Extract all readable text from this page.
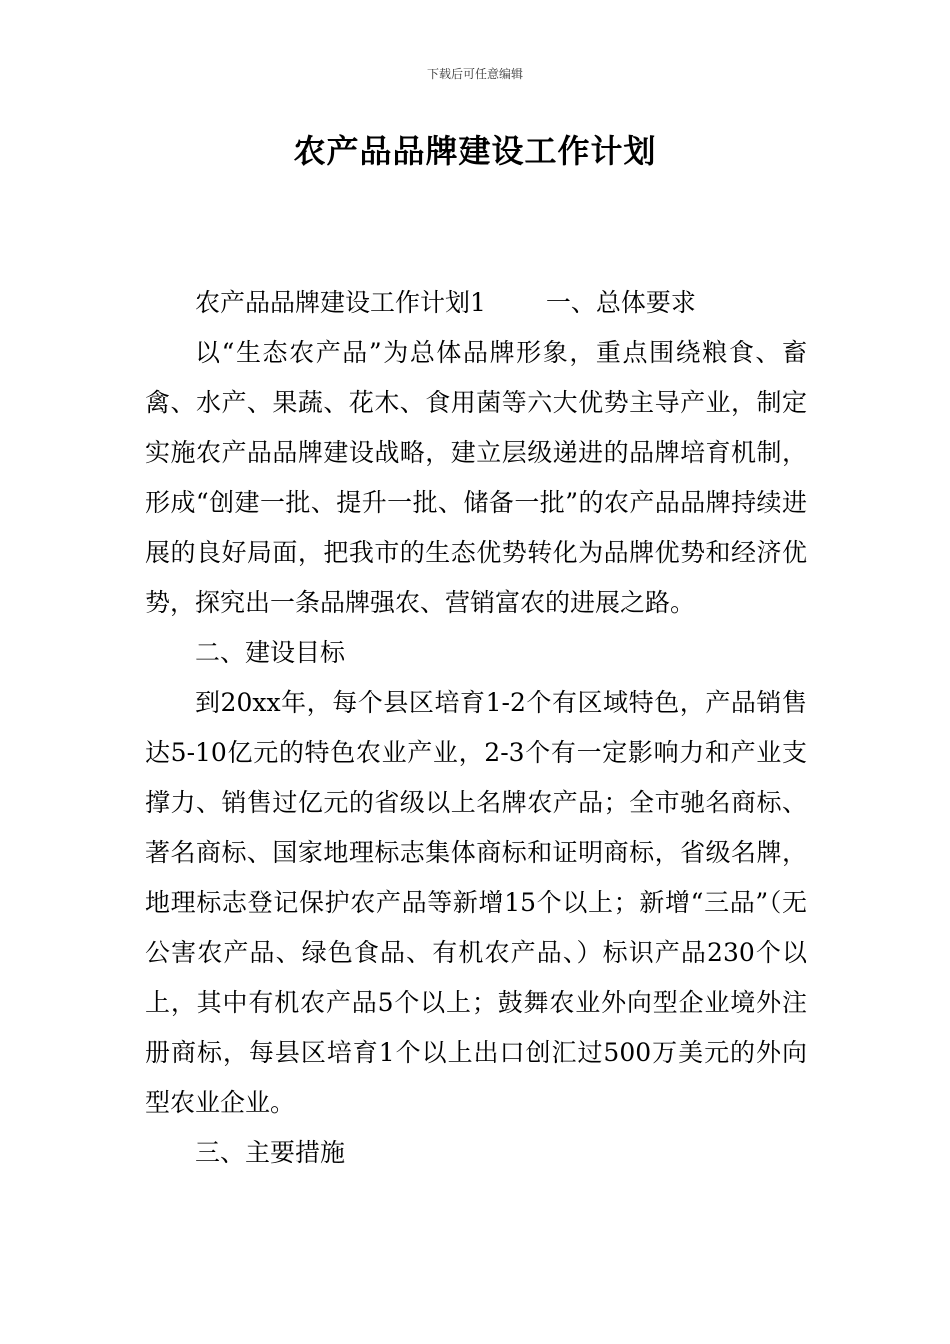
下载后可任意编辑
农产品品牌建设工作计划

农产品品牌建设工作计划1 一、总体要求

以“生态农产品”为总体品牌形象，重点围绕粮食、畜禽、水产、果蔬、花木、食用菌等六大优势主导产业，制定实施农产品品牌建设战略，建立层级递进的品牌培育机制，形成“创建一批、提升一批、储备一批”的农产品品牌持续进展的良好局面，把我市的生态优势转化为品牌优势和经济优势，探究出一条品牌强农、营销富农的进展之路。

二、建设目标

到20xx年，每个县区培育1-2个有区域特色，产品销售达5-10亿元的特色农业产业，2-3个有一定影响力和产业支撑力、销售过亿元的省级以上名牌农产品；全市驰名商标、著名商标、国家地理标志集体商标和证明商标，省级名牌，地理标志登记保护农产品等新增15个以上；新增“三品”（无公害农产品、绿色食品、有机农产品、）标识产品230个以上，其中有机农产品5个以上；鼓舞农业外向型企业境外注册商标，每县区培育1个以上出口创汇过500万美元的外向型农业企业。

三、主要措施
